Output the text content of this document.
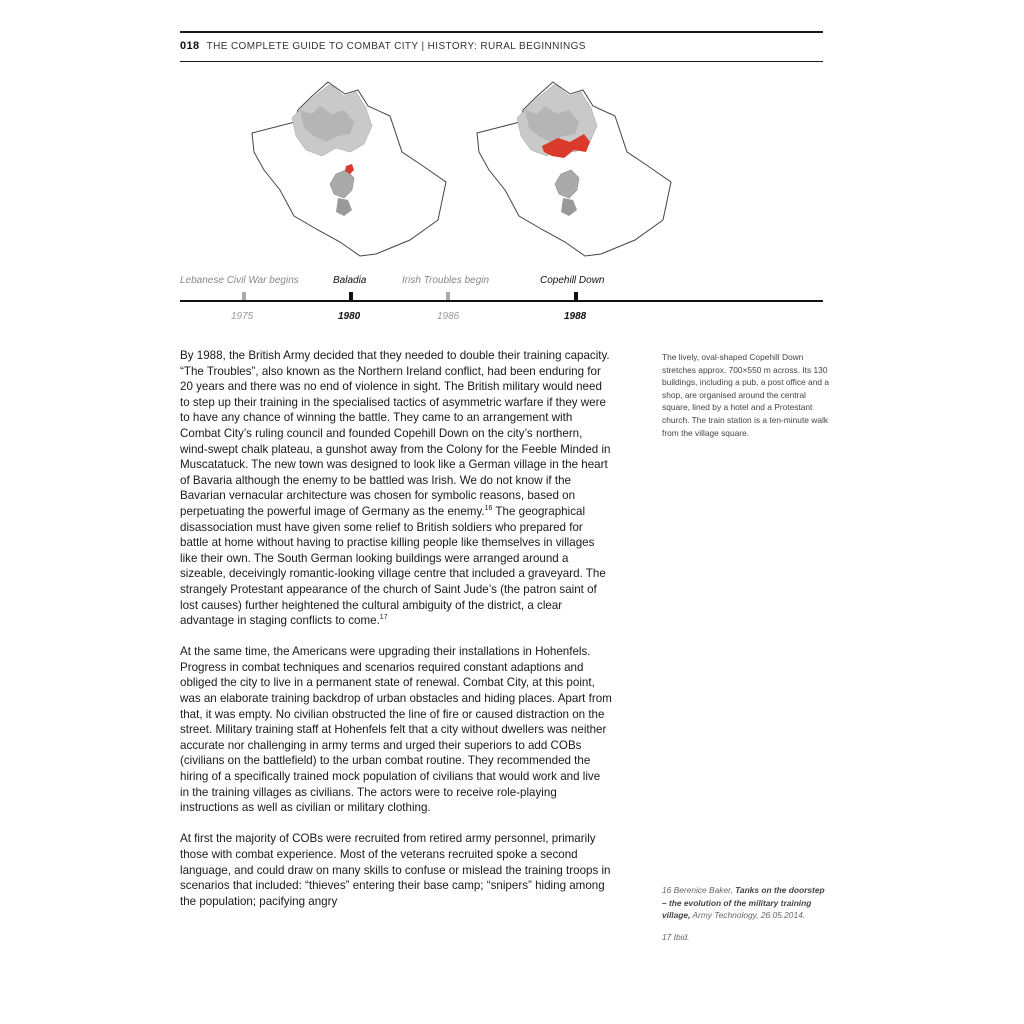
018 THE COMPLETE GUIDE TO COMBAT CITY | HISTORY: RURAL BEGINNINGS
Lebanese Civil War begins	Baladia	Irish Troubles begin	Copehill Down
1975	1980	1986	1988

By 1988, the British Army decided that they needed to double their training capacity. “The Troubles”, also known as the Northern Ireland conflict, had been enduring for 20 years and there was no end of violence in sight. The British military would need to step up their training in the specialised tactics of asymmetric warfare if they were to have any chance of winning the battle. They came to an arrangement with Combat City’s ruling council and founded Copehill Down on the city’s northern, wind-swept chalk plateau, a gunshot away from the Colony for the Feeble Minded in Muscatatuck. The new town was designed to look like a German village in the heart of Bavaria although the enemy to be battled was Irish. We do not know if the Bavarian vernacular architecture was chosen for symbolic reasons, based on perpetuating the powerful image of Germany as the enemy.$^{16}$ The geographical disassociation must have given some relief to British soldiers who prepared for battle at home without having to practise killing people like themselves in villages like their own. The South German looking buildings were arranged around a sizeable, deceivingly romantic-looking village centre that included a graveyard. The strangely Protestant appearance of the church of Saint Jude’s (the patron saint of lost causes) further heightened the cultural ambiguity of the district, a clear advantage in staging conflicts to come.$^{17}$

At the same time, the Americans were upgrading their installations in Hohenfels. Progress in combat techniques and scenarios required constant adaptions and obliged the city to live in a permanent state of renewal. Combat City, at this point, was an elaborate training backdrop of urban obstacles and hiding places. Apart from that, it was empty. No civilian obstructed the line of fire or caused distraction on the street. Military training staff at Hohenfels felt that a city without dwellers was neither accurate nor challenging in army terms and urged their superiors to add COBs (civilians on the battlefield) to the urban combat routine. They recommended the hiring of a specifically trained mock population of civilians that would work and live in the training villages as civilians. The actors were to receive role-playing instructions as well as civilian or military clothing.

At first the majority of COBs were recruited from retired army personnel, primarily those with combat experience. Most of the veterans recruited spoke a second language, and could draw on many skills to confuse or mislead the training troops in scenarios that included: “thieves” entering their base camp; “snipers” hiding among the population; pacifying angry

The lively, oval-shaped Copehill Down stretches approx. 700×550 m across. Its 130 buildings, including a pub, a post office and a shop, are organised around the central square, lined by a hotel and a Protestant church. The train station is a ten-minute walk from the village square.
16 Berenice Baker, Tanks on the doorstep – the evolution of the military training village, Army Technology, 26.05.2014.
17 Ibid.
